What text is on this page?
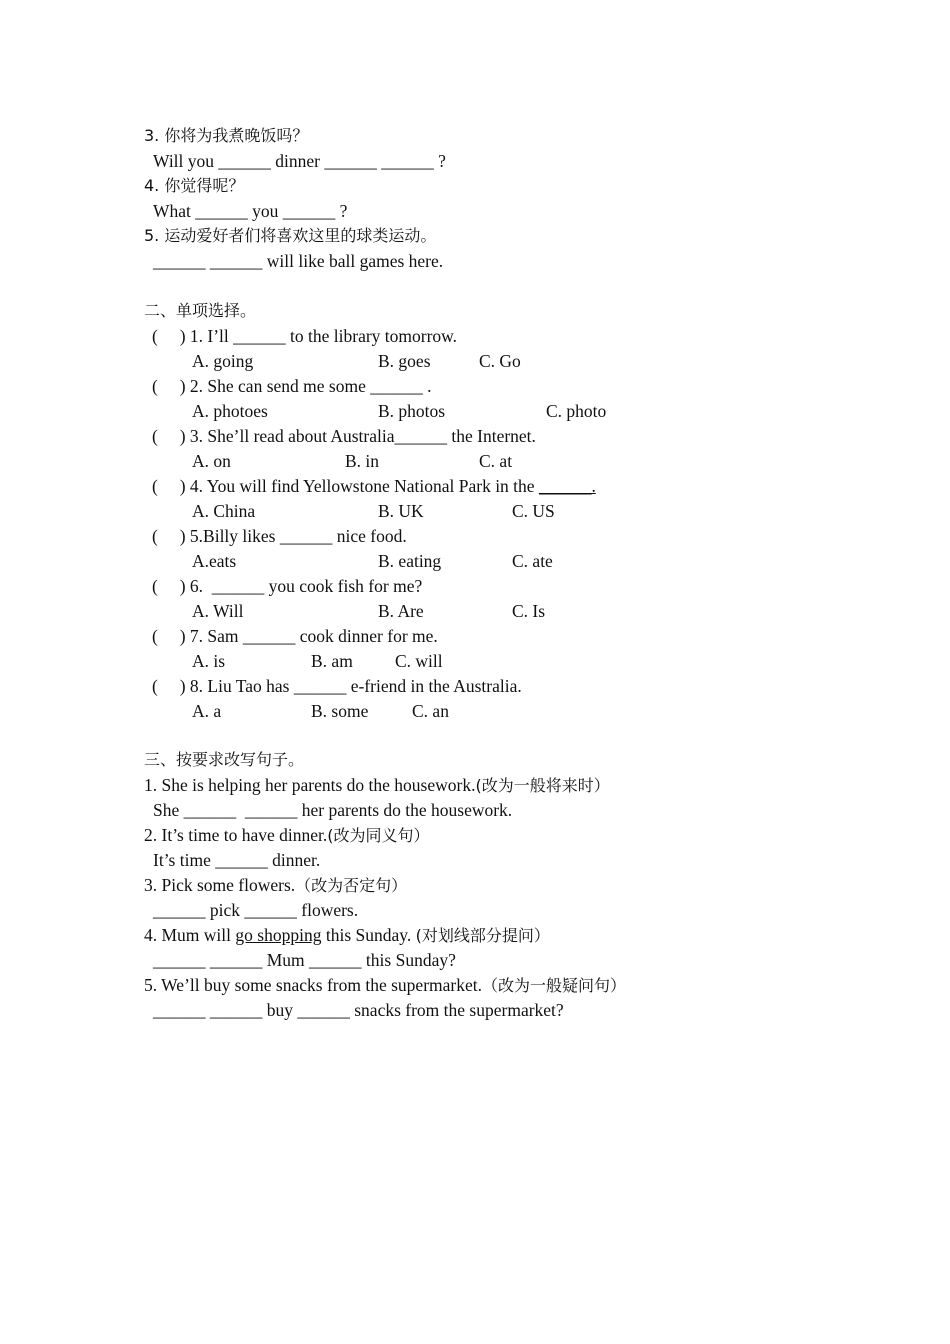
3. 你将为我煮晚饭吗？
Will you ______ dinner ______ ______ ?
4. 你觉得呢？
What ______ you ______ ?
5. 运动爱好者们将喜欢这里的球类运动。
______ ______ will like ball games here.
二、单项选择。
(     ) 1. I’ll ______ to the library tomorrow.
A. going	B. goes	C. Go
(     ) 2. She can send me some ______ .
A. photoes	B. photos	C. photo
(     ) 3. She’ll read about Australia______ the Internet.
A. on	B. in	C. at
(     ) 4. You will find Yellowstone National Park in the ______.
A. China	B. UK	C. US
(     ) 5.Billy likes ______ nice food.
A.eats	B. eating	C. ate
(     ) 6.  ______ you cook fish for me?
A. Will	B. Are	C. Is
(     ) 7. Sam ______ cook dinner for me.
A. is	B. am C. will
(     ) 8. Liu Tao has ______ e-friend in the Australia.
A. a	B. some C. an
三、按要求改写句子。
1. She is helping her parents do the housework.(改为一般将来时）
She ______  ______ her parents do the housework.
2. It’s time to have dinner.(改为同义句）
It’s time ______ dinner.
3. Pick some flowers.（改为否定句）
______ pick ______ flowers.
4. Mum will go shopping this Sunday. (对划线部分提问）
______ ______ Mum ______ this Sunday?
5. We’ll buy some snacks from the supermarket.（改为一般疑问句）
______ ______ buy ______ snacks from the supermarket?
